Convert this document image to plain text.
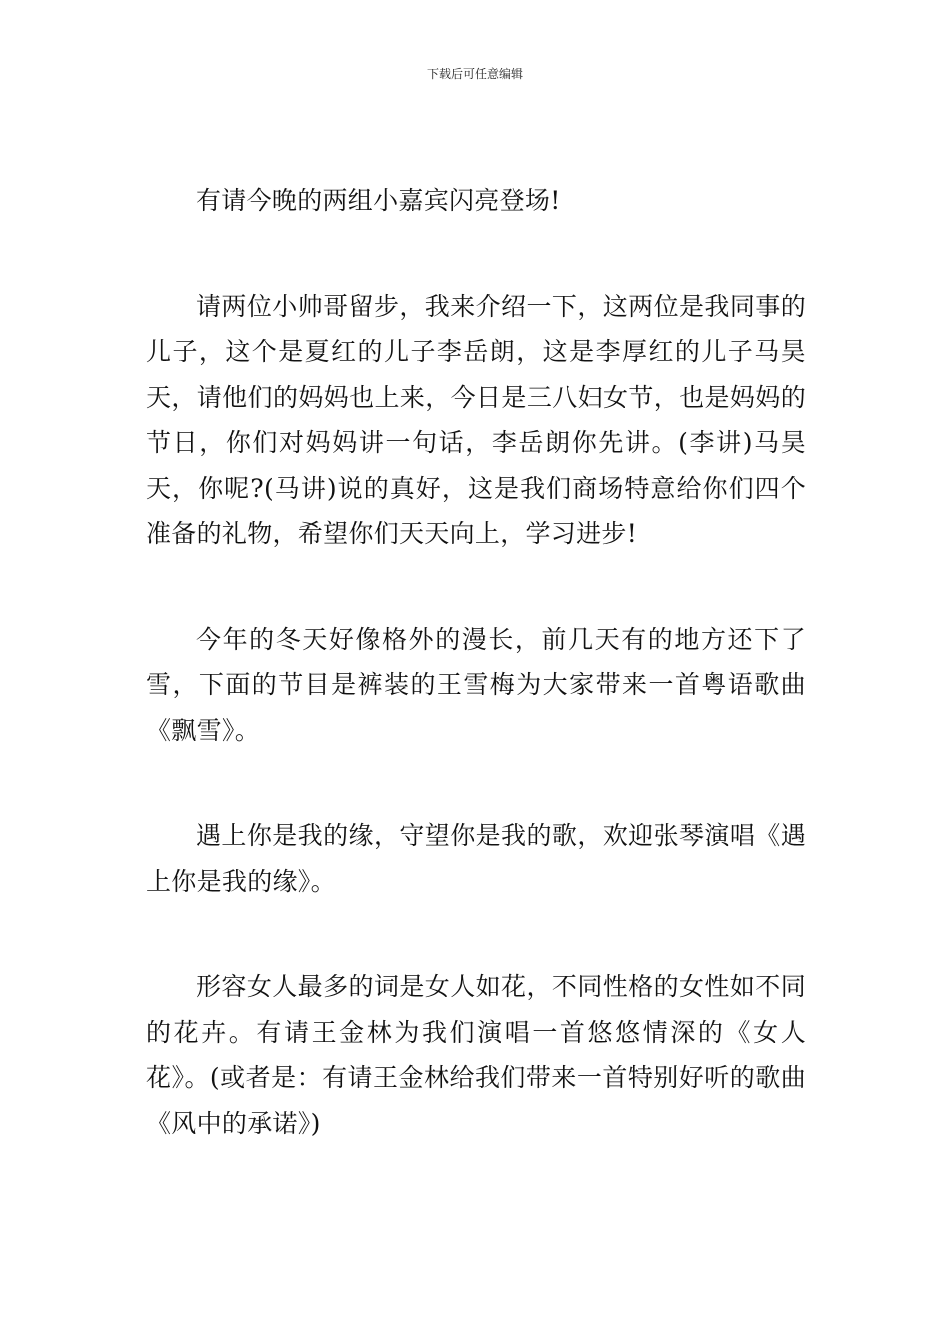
下载后可任意编辑

有请今晚的两组小嘉宾闪亮登场!

请两位小帅哥留步，我来介绍一下，这两位是我同事的儿子，这个是夏红的儿子李岳朗，这是李厚红的儿子马昊天，请他们的妈妈也上来，今日是三八妇女节，也是妈妈的节日，你们对妈妈讲一句话，李岳朗你先讲。(李讲)马昊天，你呢?(马讲)说的真好，这是我们商场特意给你们四个准备的礼物，希望你们天天向上，学习进步!

今年的冬天好像格外的漫长，前几天有的地方还下了雪，下面的节目是裤装的王雪梅为大家带来一首粤语歌曲《飘雪》。

遇上你是我的缘，守望你是我的歌，欢迎张琴演唱《遇上你是我的缘》。

形容女人最多的词是女人如花，不同性格的女性如不同的花卉。有请王金林为我们演唱一首悠悠情深的《女人花》。(或者是：有请王金林给我们带来一首特别好听的歌曲《风中的承诺》)
